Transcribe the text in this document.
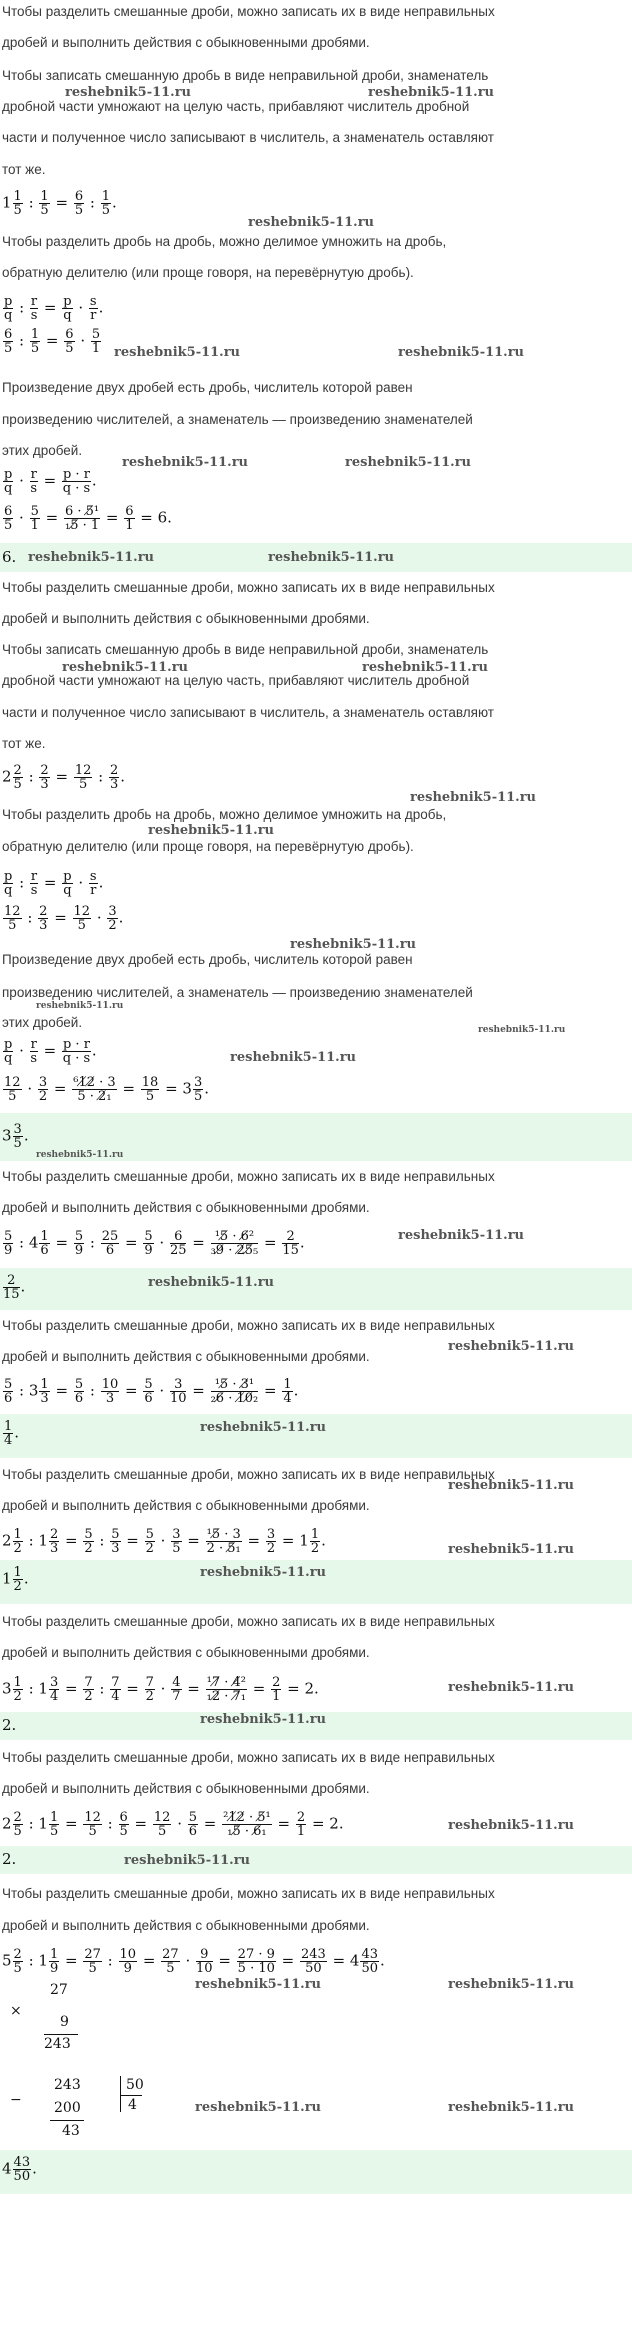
Чтобы разделить смешанные дроби, можно записать их в виде неправильных
дробей и выполнить действия с обыкновенными дробями.
Чтобы записать смешанную дробь в виде неправильной дроби, знаменатель
дробной части умножают на целую часть, прибавляют числитель дробной
части и полученное число записывают в числитель, а знаменатель оставляют
тот же.
reshebnik5-11.ru	reshebnik5-11.ru
$1 \frac{1}{5}$ : $\frac{1}{5} = \frac{6}{5}$ : $\frac{1}{5}$ .
reshebnik5-11.ru
Чтобы разделить дробь на дробь, можно делимое умножить на дробь,
обратную делителю (или проще говоря, на перевёрнутую дробь).
$\frac{p}{q}$ : $\frac{r}{s} = \frac{p}{q} \cdot \frac{s}{r}$ .
$\frac{6}{5}$ : $\frac{1}{5} = \frac{6}{5} \cdot \frac{5}{1}$ reshebnik5-11.ru	reshebnik5-11.ru
Произведение двух дробей есть дробь, числитель которой равен
произведению числителей, а знаменатель — произведению знаменателей
этих дробей.
reshebnik5-11.ru	reshebnik5-11.ru
$\frac{p}{q} \cdot \frac{r}{s} = \frac{p \cdot r}{q \cdot s}$ .
$\frac{6}{5} \cdot \frac{5}{1} = \frac{\text{6 · 5̸¹}}{\text{₁5̸ · 1}} = \frac{6}{1} = 6$.
6. reshebnik5-11.ru	reshebnik5-11.ru
Чтобы разделить смешанные дроби, можно записать их в виде неправильных
дробей и выполнить действия с обыкновенными дробями.
Чтобы записать смешанную дробь в виде неправильной дроби, знаменатель
дробной части умножают на целую часть, прибавляют числитель дробной
части и полученное число записывают в числитель, а знаменатель оставляют
тот же.
reshebnik5-11.ru	reshebnik5-11.ru
$2 \frac{2}{5}$ : $\frac{2}{3} = \frac{12}{5}$ : $\frac{2}{3}$ .
reshebnik5-11.ru
Чтобы разделить дробь на дробь, можно делимое умножить на дробь,
reshebnik5-11.ru
обратную делителю (или проще говоря, на перевёрнутую дробь).
$\frac{p}{q}$ : $\frac{r}{s} = \frac{p}{q} \cdot \frac{s}{r}$ .
$\frac{12}{5}$ : $\frac{2}{3} = \frac{12}{5} \cdot \frac{3}{2}$ .
reshebnik5-11.ru
Произведение двух дробей есть дробь, числитель которой равен
произведению числителей, а знаменатель — произведению знаменателей
reshebnik5-11.ru
этих дробей.	reshebnik5-11.ru
$\frac{p}{q} \cdot \frac{r}{s} = \frac{p \cdot r}{q \cdot s}$ .	reshebnik5-11.ru
$\frac{12}{5} \cdot \frac{3}{2} = \frac{\text{⁶1̸2̸ · 3}}{\text{5 · 2̸₁}} = \frac{18}{5} = 3 \frac{3}{5}$ .
$3 \frac{3}{5}$ .
reshebnik5-11.ru
Чтобы разделить смешанные дроби, можно записать их в виде неправильных
дробей и выполнить действия с обыкновенными дробями.
$\frac{5}{9}$ : $4 \frac{1}{6} = \frac{5}{9}$ : $\frac{25}{6} = \frac{5}{9} \cdot \frac{6}{25} = \frac{\text{¹5̸ · 6̸²}}{\text{₃9̸ · 2̸5̸₅}} = \frac{2}{15}$ .	reshebnik5-11.ru
$\frac{2}{15}$ .	reshebnik5-11.ru
Чтобы разделить смешанные дроби, можно записать их в виде неправильных
дробей и выполнить действия с обыкновенными дробями.
reshebnik5-11.ru
$\frac{5}{6}$ : $3 \frac{1}{3} = \frac{5}{6}$ : $\frac{10}{3} = \frac{5}{6} \cdot \frac{3}{10} = \frac{\text{¹5̸ · 3̸¹}}{\text{₂6̸ · 1̸0̸₂}} = \frac{1}{4}$ .
$\frac{1}{4}$ .	reshebnik5-11.ru
Чтобы разделить смешанные дроби, можно записать их в виде неправильных
reshebnik5-11.ru
дробей и выполнить действия с обыкновенными дробями.
$2 \frac{1}{2}$ : $1 \frac{2}{3} = \frac{5}{2}$ : $\frac{5}{3} = \frac{5}{2} \cdot \frac{3}{5} = \frac{\text{¹5̸ · 3}}{\text{2 · 5̸₁}} = \frac{3}{2} = 1 \frac{1}{2}$ .	reshebnik5-11.ru
$1 \frac{1}{2}$ .	reshebnik5-11.ru
Чтобы разделить смешанные дроби, можно записать их в виде неправильных
дробей и выполнить действия с обыкновенными дробями.
$3 \frac{1}{2}$ : $1 \frac{3}{4} = \frac{7}{2}$ : $\frac{7}{4} = \frac{7}{2} \cdot \frac{4}{7} = \frac{\text{¹7̸ · 4̸²}}{\text{₁2̸ · 7̸₁}} = \frac{2}{1} = 2$.	reshebnik5-11.ru
2.	reshebnik5-11.ru
Чтобы разделить смешанные дроби, можно записать их в виде неправильных
дробей и выполнить действия с обыкновенными дробями.
$2 \frac{2}{5}$ : $1 \frac{1}{5} = \frac{12}{5}$ : $\frac{6}{5} = \frac{12}{5} \cdot \frac{5}{6} = \frac{\text{²1̸2̸ · 5̸¹}}{\text{₁5̸ · 6̸₁}} = \frac{2}{1} = 2$.	reshebnik5-11.ru
2.	reshebnik5-11.ru
Чтобы разделить смешанные дроби, можно записать их в виде неправильных
дробей и выполнить действия с обыкновенными дробями.
$5 \frac{2}{5}$ : $1 \frac{1}{9} = \frac{27}{5}$ : $\frac{10}{9} = \frac{27}{5} \cdot \frac{9}{10} = \frac{27 \cdot 9}{5 \cdot 10} = \frac{243}{50} = 4 \frac{43}{50}$ .
reshebnik5-11.ru	reshebnik5-11.ru
27
×
9
243
243	50
−	4
200
43
reshebnik5-11.ru	reshebnik5-11.ru
$4 \frac{43}{50}$ .
